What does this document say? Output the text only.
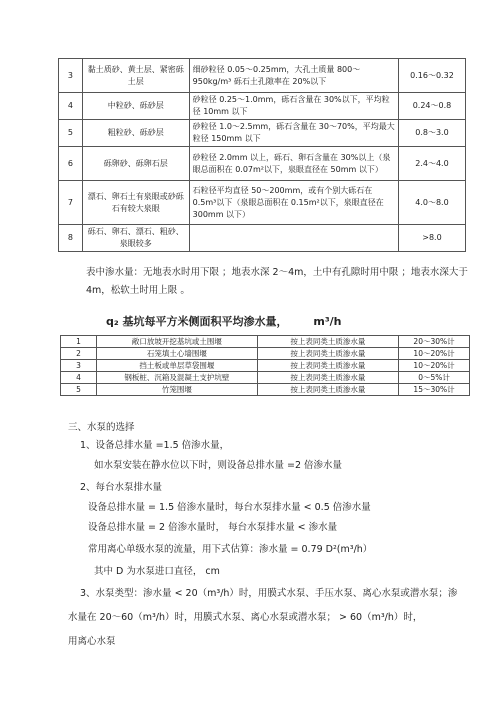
3	黏土质砂、黄土层、紧密砾土层	细砂粒径 0.05～0.25mm，大孔土质量 800～950kg/m³ 砾石土孔隙率在 20%以下	0.16～0.32
4	中粒砂、砾砂层	砂粒径 0.25～1.0mm，砾石含量在 30%以下，平均粒径 10mm 以下	0.24～0.8
5	粗粒砂、砾砂层	砂粒径 1.0～2.5mm，砾石含量在 30～70%，平均最大粒径 150mm 以下	0.8～3.0
6	砾卵砂、砾卵石层	砂粒径 2.0mm 以上，砾石、卵石含量在 30%以上（泉眼总面积在 0.07m²以下，泉眼直径在 50mm 以下）	2.4～4.0
7	漂石、卵石土有泉眼或砂砾石有较大泉眼	石粒径平均直径 50～200mm，或有个别大砾石在 0.5m³以下（泉眼总面积在 0.15m²以下，泉眼直径在 300mm 以下）	4.0～8.0
8	砾石、卵石、漂石、粗砂、泉眼较多		>8.0
表中渗水量：无地表水时用下限 ；地表水深 2～4m，土中有孔隙时用中限 ；地表水深大于 4m，松软土时用上限 。
q₂ 基坑每平方米侧面积平均渗水量， m³/h
1	敞口放坡开挖基坑或土围堰	按上表同类土质渗水量	20～30%计
2	石笼填土心墙围堰	按上表同类土质渗水量	10～20%计
3	挡土板或单层草袋围堰	按上表同类土质渗水量	10～20%计
4	钢板桩、沉箱及混凝土支护坑壁	按上表同类土质渗水量	0～5%计
5	竹笼围堰	按上表同类土质渗水量	15～30%计
三、水泵的选择
1、设备总排水量 =1.5 倍渗水量，
如水泵安装在静水位以下时，则设备总排水量 =2 倍渗水量
2、每台水泵排水量
设备总排水量 = 1.5 倍渗水量时，每台水泵排水量 < 0.5 倍渗水量
设备总排水量 = 2 倍渗水量时， 每台水泵排水量 < 渗水量
常用离心单级水泵的流量，用下式估算：渗水量 = 0.79 D²(m³/h）
其中 D 为水泵进口直径， cm
3、水泵类型：渗水量 < 20（m³/h）时，用膜式水泵、手压水泵、离心水泵或潜水泵；渗
水量在 20～60（m³/h）时，用膜式水泵、离心水泵或潜水泵； > 60（m³/h）时，
用离心水泵
